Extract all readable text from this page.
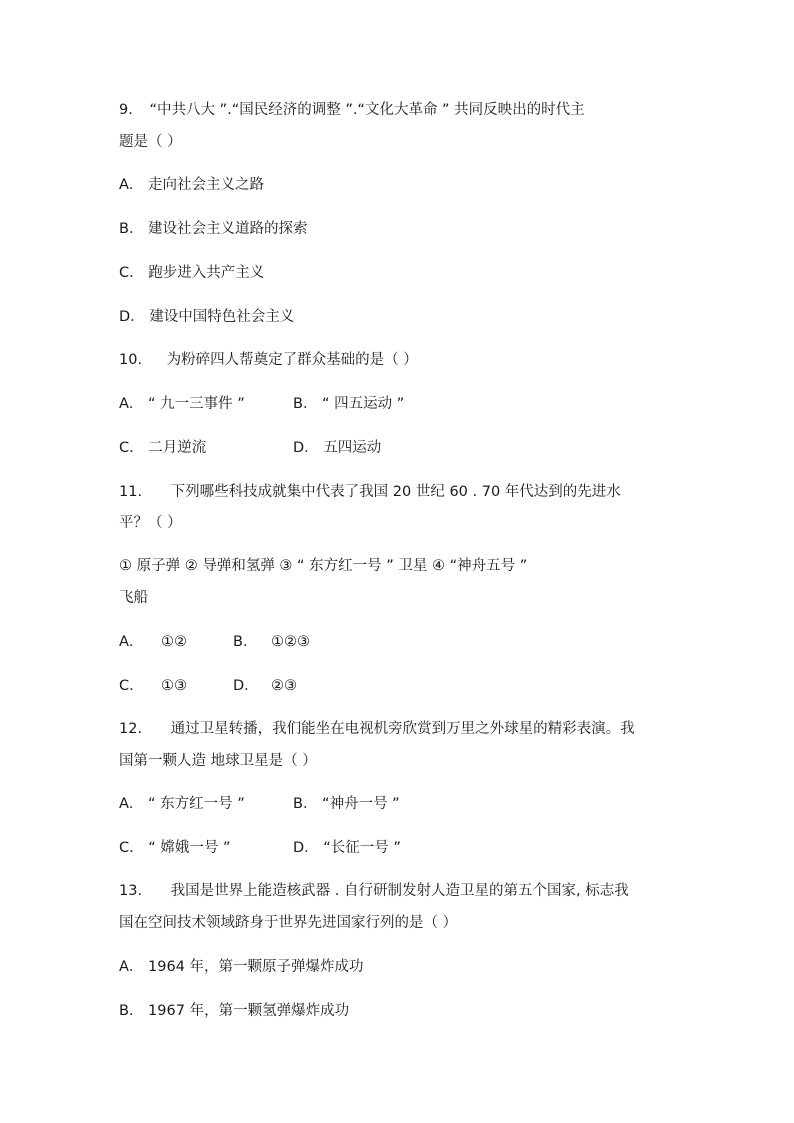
9. “中共八大 ”.“国民经济的调整 ”.“文化大革命 ” 共同反映出的时代主
题是（ ）
A． 走向社会主义之路
B． 建设社会主义道路的探索
C． 跑步进入共产主义
D． 建设中国特色社会主义
10. 为粉碎四人帮奠定了群众基础的是（ ）
A． “ 九一三事件 ”	B． “ 四五运动 ”
C． 二月逆流	D． 五四运动
11. 下列哪些科技成就集中代表了我国 20 世纪 60 . 70 年代达到的先进水
平？（ ）
① 原子弹 ② 导弹和氢弹 ③ “ 东方红一号 ” 卫星 ④ “神舟五号 ”
飞船
A． ①②	B． ①②③
C． ①③	D． ②③
12. 通过卫星转播，我们能坐在电视机旁欣赏到万里之外球星的精彩表演。我
国第一颗人造 地球卫星是（ ）
A． “ 东方红一号 ”	B． “神舟一号 ”
C． “ 嫦娥一号 ”	D． “长征一号 ”
13. 我国是世界上能造核武器 . 自行研制发射人造卫星的第五个国家, 标志我
国在空间技术领域跻身于世界先进国家行列的是（ ）
A． 1964 年，第一颗原子弹爆炸成功
B． 1967 年，第一颗氢弹爆炸成功
